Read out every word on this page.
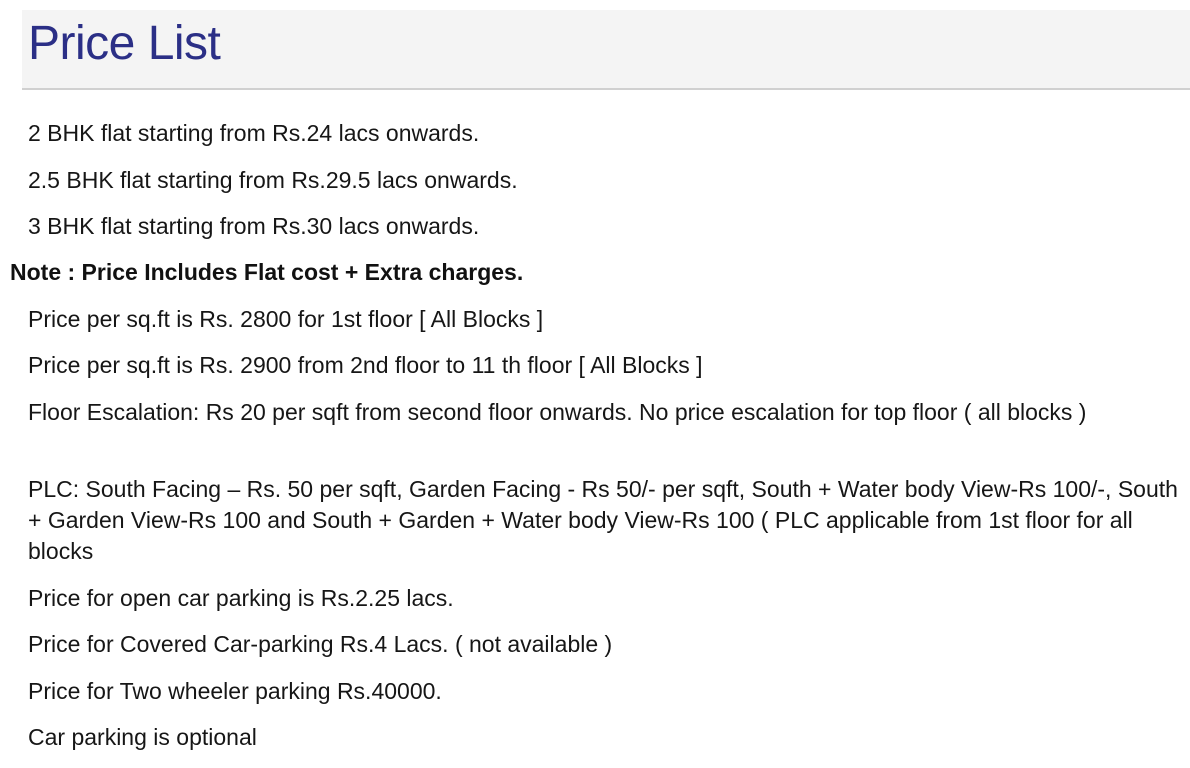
Price List
2 BHK flat starting from Rs.24 lacs onwards.
2.5 BHK flat starting from Rs.29.5 lacs onwards.
3 BHK flat starting from Rs.30 lacs onwards.
Note : Price Includes Flat cost + Extra charges.
Price per sq.ft is Rs. 2800 for 1st floor [ All Blocks ]
Price per sq.ft is Rs. 2900 from 2nd floor to 11 th floor [ All Blocks ]
Floor Escalation: Rs 20 per sqft from second floor onwards. No price escalation for top floor ( all blocks )
PLC: South Facing – Rs. 50 per sqft, Garden Facing - Rs 50/- per sqft, South + Water body View-Rs 100/-, South + Garden View-Rs 100 and South + Garden + Water body View-Rs 100 ( PLC applicable from 1st floor for all blocks
Price for open car parking is Rs.2.25 lacs.
Price for Covered Car-parking Rs.4 Lacs. ( not available )
Price for Two wheeler parking Rs.40000.
Car parking is optional
